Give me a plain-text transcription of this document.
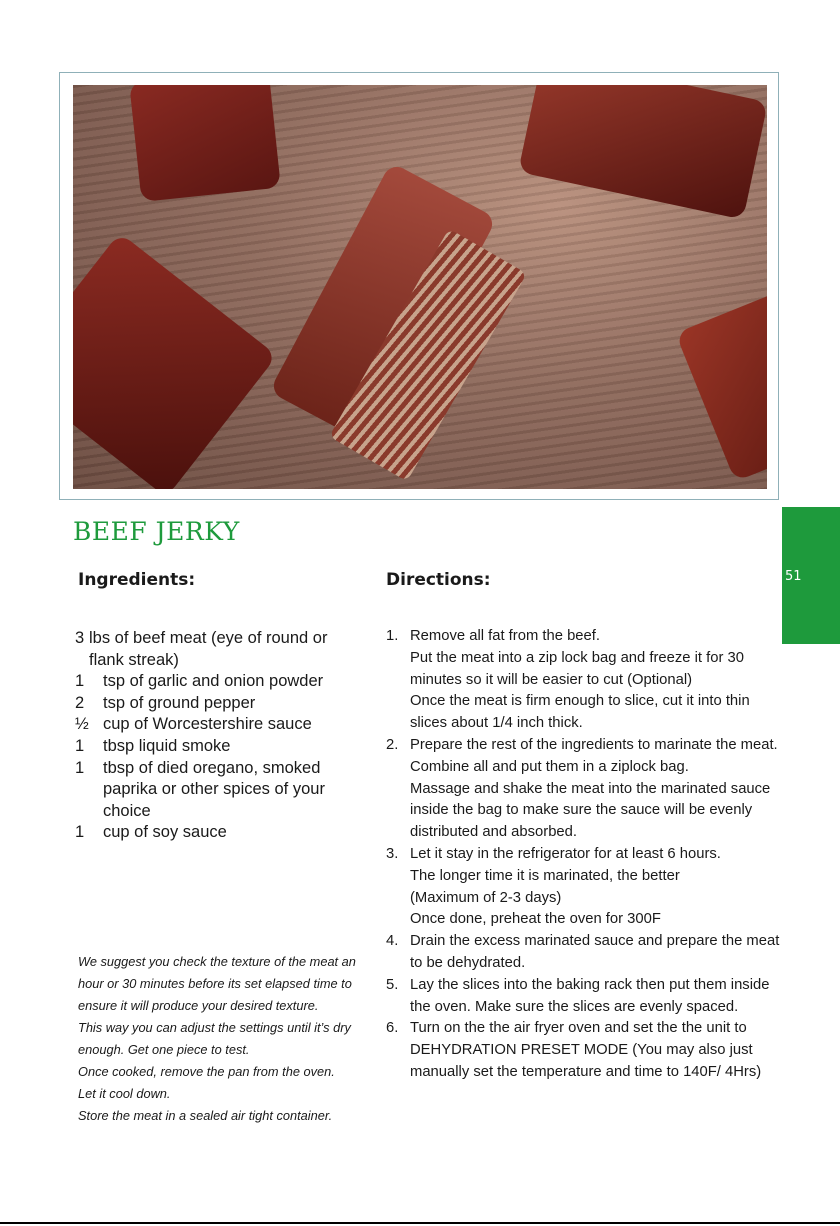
BEEF JERKY
Ingredients:	Directions:
3 lbs of beef meat (eye of round or flank streak)
1	tsp of garlic and onion powder
2	tsp of ground pepper
½ cup of Worcestershire sauce
1	tbsp liquid smoke
1	tbsp of died oregano, smoked paprika or other spices of your choice
1	cup of soy sauce

We suggest you check the texture of the meat an hour or 30 minutes before its set elapsed time to ensure it will produce your desired texture.

This way you can adjust the settings until it’s dry enough. Get one piece to test.

Once cooked, remove the pan from the oven.

Let it cool down.

Store the meat in a sealed air tight container.

1. Remove all fat from the beef.
Put the meat into a zip lock bag and freeze it for 30 minutes so it will be easier to cut (Optional)
Once the meat is firm enough to slice, cut it into thin slices about 1/4 inch thick.
2. Prepare the rest of the ingredients to marinate the meat.
Combine all and put them in a ziplock bag.
Massage and shake the meat into the marinated sauce inside the bag to make sure the sauce will be evenly distributed and absorbed.
3. Let it stay in the refrigerator for at least 6 hours.
The longer time it is marinated, the better
(Maximum of 2-3 days)
Once done, preheat the oven for 300F
4. Drain the excess marinated sauce and prepare the meat to be dehydrated.
5. Lay the slices into the baking rack then put them inside the oven. Make sure the slices are evenly spaced.
6. Turn on the the air fryer oven and set the the unit to DEHYDRATION PRESET MODE (You may also just manually set the temperature and time to 140F/ 4Hrs)
51
